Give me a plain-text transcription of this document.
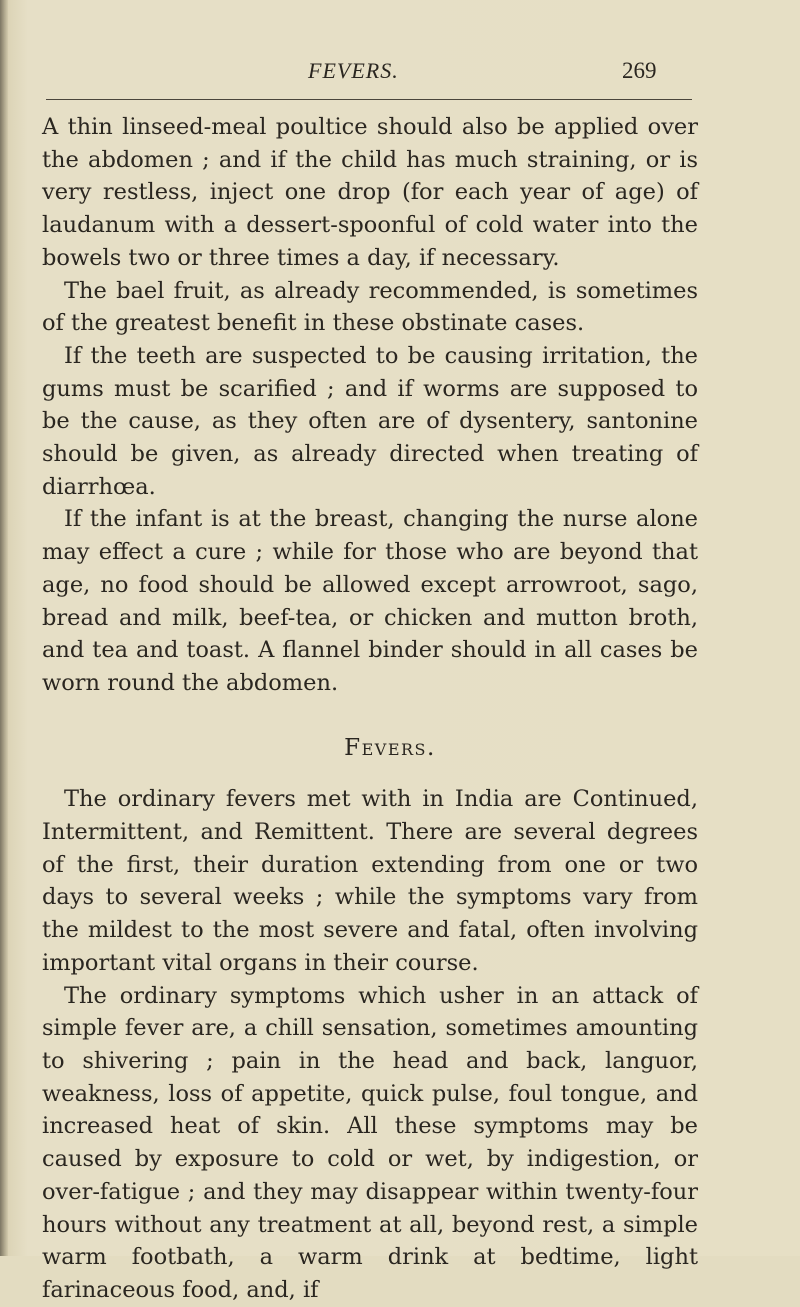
FEVERS.	269

A thin linseed-meal poultice should also be applied over the abdomen ; and if the child has much straining, or is very restless, inject one drop (for each year of age) of laudanum with a dessert-spoonful of cold water into the bowels two or three times a day, if necessary.

The bael fruit, as already recommended, is sometimes of the greatest benefit in these obstinate cases.

If the teeth are suspected to be causing irritation, the gums must be scarified ; and if worms are supposed to be the cause, as they often are of dysentery, santonine should be given, as already directed when treating of diarrhœa.

If the infant is at the breast, changing the nurse alone may effect a cure ; while for those who are beyond that age, no food should be allowed except arrowroot, sago, bread and milk, beef-tea, or chicken and mutton broth, and tea and toast. A flannel binder should in all cases be worn round the abdomen.

Fevers.

The ordinary fevers met with in India are Continued, Intermittent, and Remittent. There are several degrees of the first, their duration extending from one or two days to several weeks ; while the symptoms vary from the mildest to the most severe and fatal, often involving important vital organs in their course.

The ordinary symptoms which usher in an attack of simple fever are, a chill sensation, sometimes amounting to shivering ; pain in the head and back, languor, weakness, loss of appetite, quick pulse, foul tongue, and increased heat of skin. All these symptoms may be caused by exposure to cold or wet, by indigestion, or over-fatigue ; and they may disappear within twenty-four hours without any treatment at all, beyond rest, a simple warm footbath, a warm drink at bedtime, light farinaceous food, and, if
